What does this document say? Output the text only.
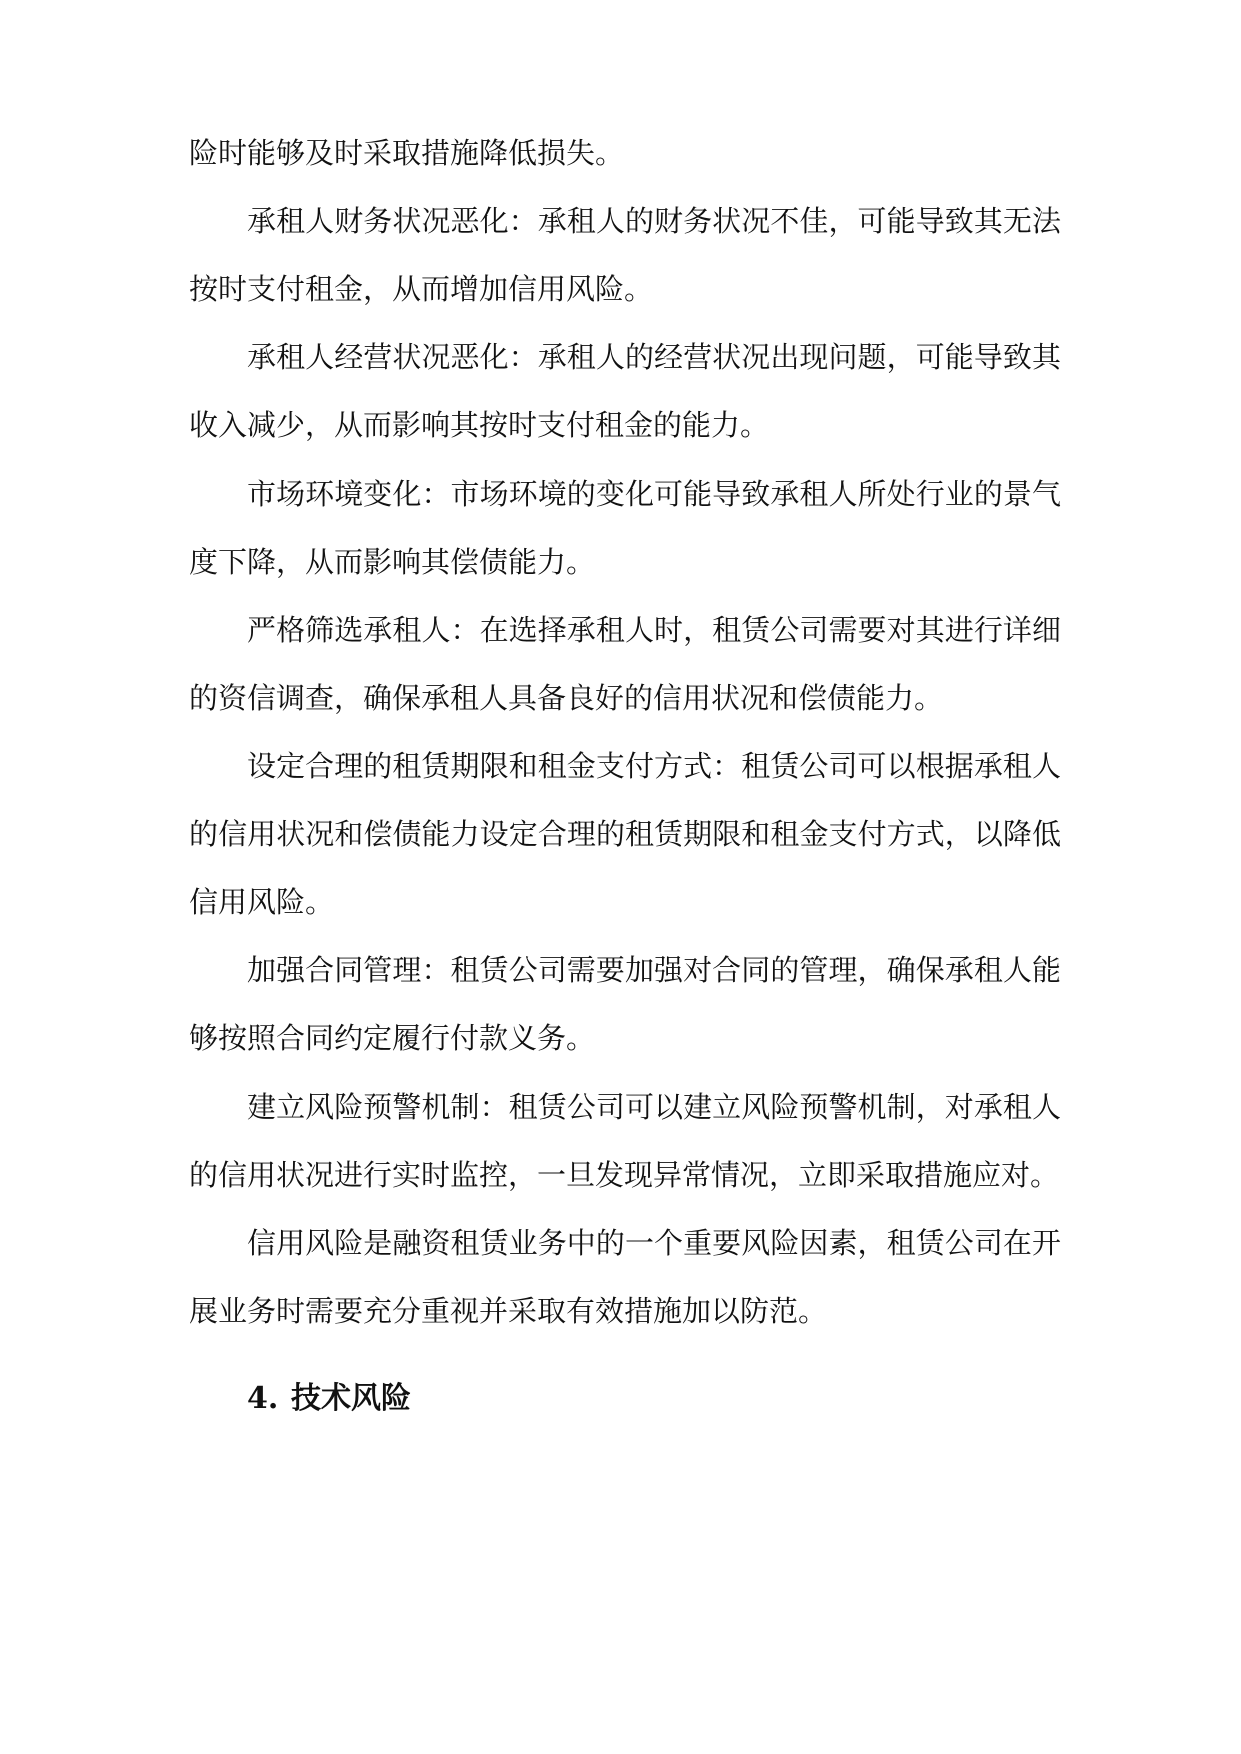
险时能够及时采取措施降低损失。
承租人财务状况恶化：承租人的财务状况不佳，可能导致其无法
按时支付租金，从而增加信用风险。
承租人经营状况恶化：承租人的经营状况出现问题，可能导致其
收入减少，从而影响其按时支付租金的能力。
市场环境变化：市场环境的变化可能导致承租人所处行业的景气
度下降，从而影响其偿债能力。
严格筛选承租人：在选择承租人时，租赁公司需要对其进行详细
的资信调查，确保承租人具备良好的信用状况和偿债能力。
设定合理的租赁期限和租金支付方式：租赁公司可以根据承租人
的信用状况和偿债能力设定合理的租赁期限和租金支付方式，以降低
信用风险。
加强合同管理：租赁公司需要加强对合同的管理，确保承租人能
够按照合同约定履行付款义务。
建立风险预警机制：租赁公司可以建立风险预警机制，对承租人
的信用状况进行实时监控，一旦发现异常情况，立即采取措施应对。
信用风险是融资租赁业务中的一个重要风险因素，租赁公司在开
展业务时需要充分重视并采取有效措施加以防范。
4. 技术风险
